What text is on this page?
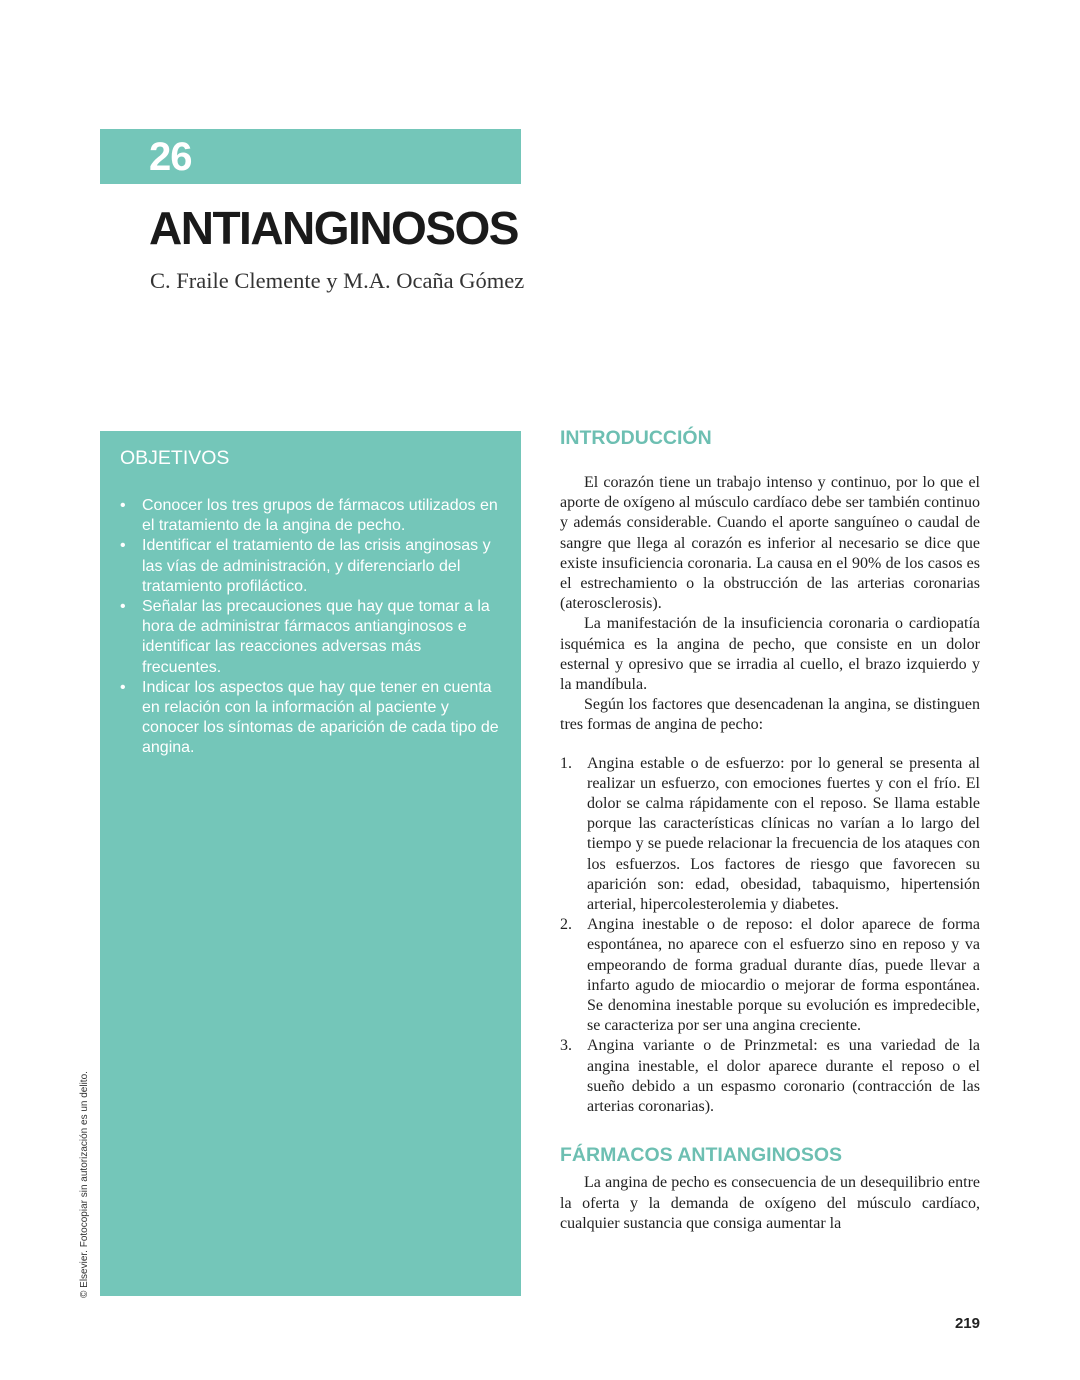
26
ANTIANGINOSOS

C. Fraile Clemente y M.A. Ocaña Gómez

OBJETIVOS

•	Conocer los tres grupos de fármacos utilizados en el tratamiento de la angina de pecho.
•	Identificar el tratamiento de las crisis anginosas y las vías de administración, y diferenciarlo del tratamiento profiláctico.
•	Señalar las precauciones que hay que tomar a la hora de administrar fármacos antianginosos e identificar las reacciones adversas más frecuentes.
•	Indicar los aspectos que hay que tener en cuenta en relación con la información al paciente y conocer los síntomas de aparición de cada tipo de angina.
INTRODUCCIÓN

El corazón tiene un trabajo intenso y continuo, por lo que el aporte de oxígeno al músculo cardíaco debe ser también continuo y además considerable. Cuando el aporte sanguíneo o caudal de sangre que llega al corazón es inferior al necesario se dice que existe insuficiencia coronaria. La causa en el 90% de los casos es el estrechamiento o la obstrucción de las arterias coronarias (aterosclerosis).

La manifestación de la insuficiencia coronaria o cardiopatía isquémica es la angina de pecho, que consiste en un dolor esternal y opresivo que se irradia al cuello, el brazo izquierdo y la mandíbula.

Según los factores que desencadenan la angina, se distinguen tres formas de angina de pecho:

1. Angina estable o de esfuerzo: por lo general se presenta al realizar un esfuerzo, con emociones fuertes y con el frío. El dolor se calma rápidamente con el reposo. Se llama estable porque las características clínicas no varían a lo largo del tiempo y se puede relacionar la frecuencia de los ataques con los esfuerzos. Los factores de riesgo que favorecen su aparición son: edad, obesidad, tabaquismo, hipertensión arterial, hipercolesterolemia y diabetes.
2. Angina inestable o de reposo: el dolor aparece de forma espontánea, no aparece con el esfuerzo sino en reposo y va empeorando de forma gradual durante días, puede llevar a infarto agudo de miocardio o mejorar de forma espontánea. Se denomina inestable porque su evolución es impredecible, se caracteriza por ser una angina creciente.
3. Angina variante o de Prinzmetal: es una variedad de la angina inestable, el dolor aparece durante el reposo o el sueño debido a un espasmo coronario (contracción de las arterias coronarias).
FÁRMACOS ANTIANGINOSOS

La angina de pecho es consecuencia de un desequilibrio entre la oferta y la demanda de oxígeno del músculo cardíaco, cualquier sustancia que consiga aumentar la

219
© Elsevier. Fotocopiar sin autorización es un delito.
